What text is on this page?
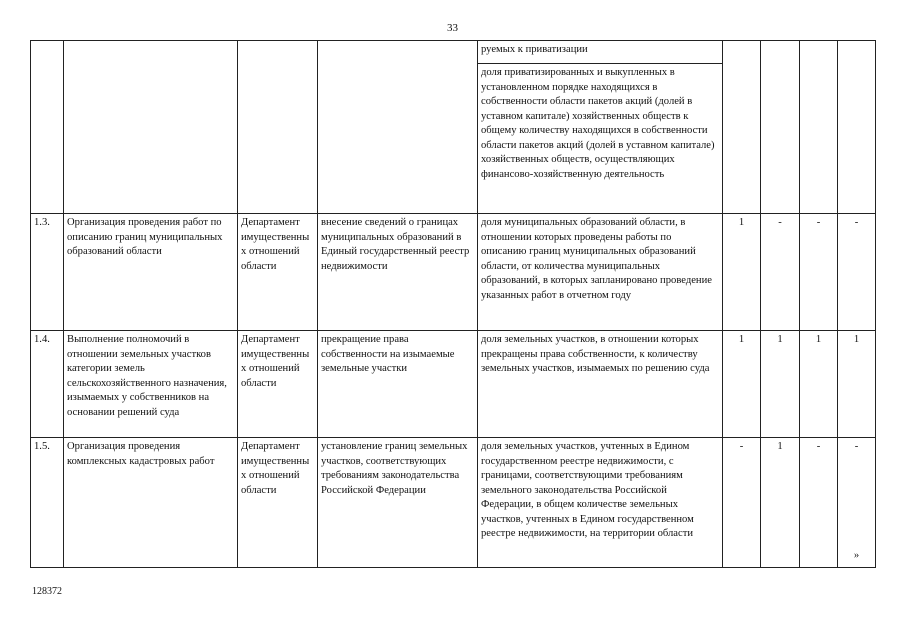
33
				руемых к приватизации				
				доля приватизированных и выкупленных в установленном порядке находящихся в собственности области пакетов акций (долей в уставном капитале) хозяйственных обществ к общему количеству находящихся в собственности области пакетов акций (долей в уставном капитале) хозяйственных обществ, осуществляющих финансово-хозяйственную деятельность				
1.3.	Организация проведения работ по описанию границ муниципальных образований области	Департамент имущественных отношений области	внесение сведений о границах муниципальных образований в Единый государственный реестр недвижимости	доля муниципальных образований области, в отношении которых проведены работы по описанию границ муниципальных образований области, от количества муниципальных образований, в которых запланировано проведение указанных работ в отчетном году	1	-	-	-
1.4.	Выполнение полномочий в отношении земельных участков категории земель сельскохозяйственного назначения, изымаемых у собственников на основании решений суда	Департамент имущественных отношений области	прекращение права собственности на изымаемые земельные участки	доля земельных участков, в отношении которых прекращены права собственности, к количеству земельных участков, изымаемых по решению суда	1	1	1	1
1.5.	Организация проведения комплексных кадастровых работ	Департамент имущественных отношений области	установление границ земельных участков, соответствующих требованиям законодательства Российской Федерации	доля земельных участков, учтенных в Едином государственном реестре недвижимости, с границами, соответствующими требованиям земельного законодательства Российской Федерации, в общем количестве земельных участков, учтенных в Едином государственном реестре недвижимости, на территории области	-	1	-	-
»
128372
